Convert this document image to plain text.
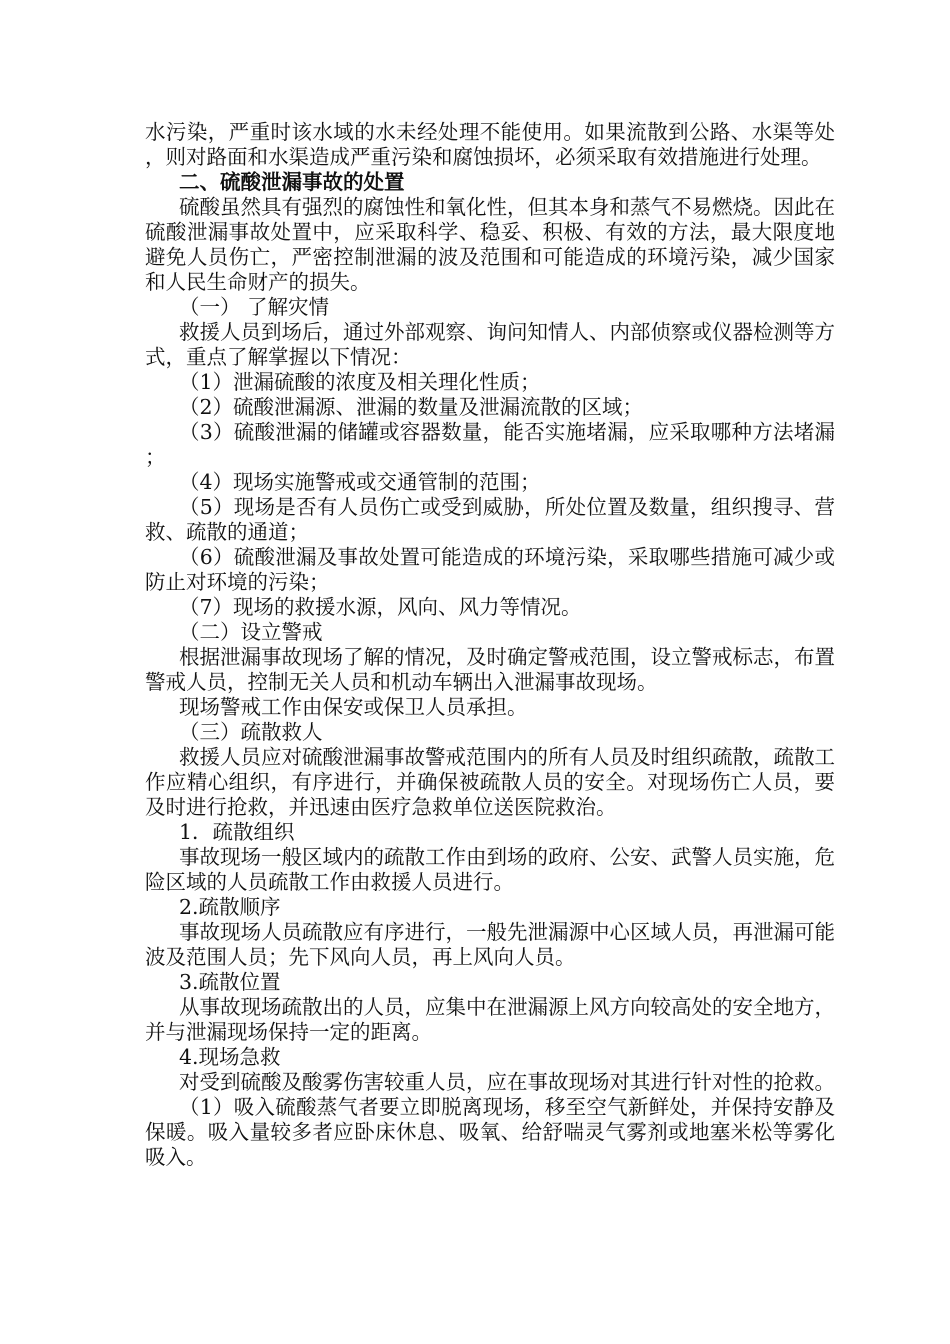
水污染，严重时该水域的水未经处理不能使用。如果流散到公路、水渠等处，则对路面和水渠造成严重污染和腐蚀损坏，必须采取有效措施进行处理。

二、硫酸泄漏事故的处置

硫酸虽然具有强烈的腐蚀性和氧化性，但其本身和蒸气不易燃烧。因此在硫酸泄漏事故处置中，应采取科学、稳妥、积极、有效的方法，最大限度地避免人员伤亡，严密控制泄漏的波及范围和可能造成的环境污染，减少国家和人民生命财产的损失。

（一） 了解灾情

救援人员到场后，通过外部观察、询问知情人、内部侦察或仪器检测等方式，重点了解掌握以下情况：

（1）泄漏硫酸的浓度及相关理化性质；

（2）硫酸泄漏源、泄漏的数量及泄漏流散的区域；

（3）硫酸泄漏的储罐或容器数量，能否实施堵漏，应采取哪种方法堵漏；

（4）现场实施警戒或交通管制的范围；

（5）现场是否有人员伤亡或受到威胁，所处位置及数量，组织搜寻、营救、疏散的通道；

（6）硫酸泄漏及事故处置可能造成的环境污染，采取哪些措施可减少或防止对环境的污染；

（7）现场的救援水源，风向、风力等情况。

（二）设立警戒

根据泄漏事故现场了解的情况，及时确定警戒范围，设立警戒标志，布置警戒人员，控制无关人员和机动车辆出入泄漏事故现场。

现场警戒工作由保安或保卫人员承担。

（三）疏散救人

救援人员应对硫酸泄漏事故警戒范围内的所有人员及时组织疏散，疏散工作应精心组织，有序进行，并确保被疏散人员的安全。对现场伤亡人员，要及时进行抢救，并迅速由医疗急救单位送医院救治。

1．疏散组织

事故现场一般区域内的疏散工作由到场的政府、公安、武警人员实施，危险区域的人员疏散工作由救援人员进行。

2.疏散顺序

事故现场人员疏散应有序进行，一般先泄漏源中心区域人员，再泄漏可能波及范围人员；先下风向人员，再上风向人员。

3.疏散位置

从事故现场疏散出的人员，应集中在泄漏源上风方向较高处的安全地方，并与泄漏现场保持一定的距离。

4.现场急救

对受到硫酸及酸雾伤害较重人员，应在事故现场对其进行针对性的抢救。

（1）吸入硫酸蒸气者要立即脱离现场，移至空气新鲜处，并保持安静及保暖。吸入量较多者应卧床休息、吸氧、给舒喘灵气雾剂或地塞米松等雾化吸入。
